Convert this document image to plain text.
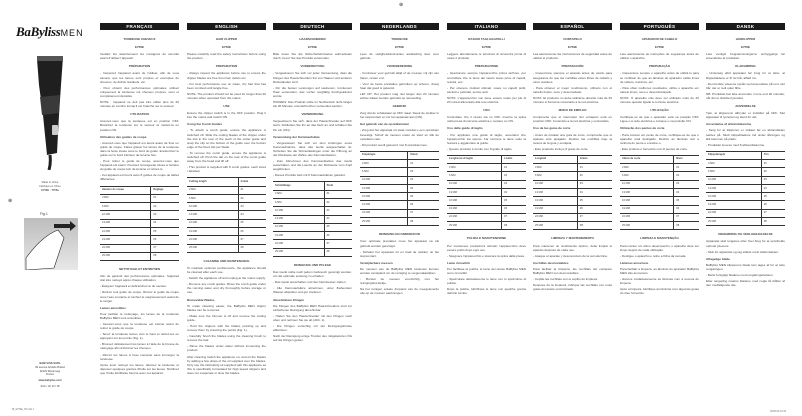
BaBylissMEN
Made in China
Fabriqué en Chine
E756E · T756a
⊕
Fig.1
BABYLISS SARL
99 avenue Aristide Briand
92120 Montrouge
France
www.babyliss.com
SAC / 20 10 / 18
IB_E756E_05.indd 1
06/05/18 10:39
⊕
FRANÇAIS
TONDEUSE CHEVEUX
E756E
Veuillez lire attentivement les consignes de sécurité avant d'utiliser l'appareil.
PRÉPARATION
- Inspectez l'appareil avant de l'utiliser, afin de vous assurer que les lames sont propres et exemptes de cheveux, de débris résiduels, etc.
- Pour obtenir des performances optimales, utilisez uniquement la tondeuse sur cheveux propres, secs et complètement démêlés.
NOTE : l'appareil ne doit pas être utilisé plus de 20 minutes en continu lorsqu'il est branché sur le secteur.
UTILISATION
Assurez-vous que la tondeuse est en position OFF. Branchez la tondeuse sur le secteur et mettez-la en position ON.
Utilisation des guides de coupe
- Assurez-vous que l'appareil est éteint avant de fixer un guide de coupe. Faites glisser les lames de la tondeuse dans la fente située sous le bord du guide. Enclenchez le guide sur le bord inférieur de la lame fixe.
- Pour retirer le guide de coupe, assurez-vous que l'appareil est éteint. Poussez la languette située à l'arrière du guide de coupe loin de la lame et retirez-le.
- Cet appareil est fourni avec 8 guides de coupe de tailles différentes.
Hauteur de coupe	Réglage
3 MM	#1
6 MM	#2
10 MM	#3
13 MM	#4
16 MM	#5
19 MM	#6
22 MM	#7
25 MM	#8
NETTOYAGE ET ENTRETIEN
Afin de garantir des performances optimales, l'appareil doit être nettoyé après chaque utilisation.
- Éteignez l'appareil et débranchez-le du secteur.
- Retirez tout guide de coupe. Rincez le guide de coupe sous l'eau courante et séchez-le soigneusement avant de le ranger.
Lames amovibles
Pour faciliter le nettoyage, les lames de la tondeuse BaByliss MEN sont amovibles.
- Assurez-vous que la tondeuse est éteinte avant de retirer le guide de coupe.
- Tenez la tondeuse lames vers le haut et retirez-les en appuyant sur les points (Fig. 1).
- Brossez délicatement les lames à l'aide de la brosse de nettoyage afin d'éliminer les cheveux.
- Rincez les lames à l'eau courante sans immerger la tondeuse.
Après avoir nettoyé les lames, allumez la tondeuse et déposez quelques gouttes d'huile sur les lames. N'utilisez que l'huile lubrifiante fournie avec cet appareil.
ENGLISH
HAIR CLIPPER
E756E
Please carefully read the safety instructions before using the product.
PREPARATION
- Always inspect the appliance before use to ensure the clipper blades are free from hair, debris etc.
- For best performance use on clean, dry hair that has been combed until tangle free.
NOTE: The product should not be used for longer than 20 minutes when operated from the mains.
USE
Ensure the clipper switch is in the OFF position. Plug it into the mains and switch ON.
Using the Comb Guides
- To attach a comb guide, ensure the appliance is switched off. Slide the cutting blades of the clipper under the slot in the rear of the teeth of the cutter guide and snap the clip on the bottom of the guide over the bottom edge of the fixed clip per blade.
- To remove the comb guide, ensure the appliance is switched off. Push the tab on the rear of the comb guide away from the head and lift off.
- This product is supplied with 8 comb guides, each sized / labelled.
Cutting length	Grade
3 MM	#1
6 MM	#2
10 MM	#3
13 MM	#4
16 MM	#5
19 MM	#6
22 MM	#7
25 MM	#8
CLEANING AND MAINTENANCE
To maintain optimum performance, the appliance should be cleaned after each use.
- Switch the appliance off and unplug at the mains supply.
- Remove any comb guides. Rinse the comb guide under the running water and dry thoroughly before storage or use.
Removable Blades
To make cleaning easier, the BaByliss MEN clipper blades can be removed.
- Make sure the trimmer is off and remove the cutting guide.
- Hold the clippers with the blades pointing up and remove them by pressing the points (Fig. 1).
- Carefully brush the blades using the cleaning brush to remove the hair.
- Rinse the blades under water without immersing the product.
After cleaning switch the appliance on, and oil the blades by adding a few drops of the oil supplied over the blades. Only use the lubricating oil supplied with this appliance as this is specifically formulated for high speed clippers and does not evaporate or slow the blades.
DEUTSCH
HAARSCHNEIDER
E756E
Bitte lesen Sie die Sicherheitshinweise aufmerksam durch, bevor Sie das Produkt verwenden.
VORBEREITUNG
- Vergewissern Sie sich vor jeder Verwendung, dass die Klingen des Haarschneiders frei von Haaren und anderen Rückständen sind.
- Für die besten Leistungen auf sauberem, trockenem Haar verwenden, das vorher sorgfältig durchgekämmt wurde.
HINWEIS: Das Produkt sollte im Netzbetrieb nicht länger als 20 Minuten ununterbrochen verwendet werden.
VERWENDUNG
Vergewissern Sie sich, dass der Haarschneider auf OFF steht. Schließen Sie ihn an das Netz an und schalten Sie ihn ein (ON).
Verwendung der Kammaufsätze
- Vergewissern Sie sich vor dem Anbringen eines Kammaufsatzes, dass das Gerät ausgeschaltet ist. Schieben Sie die Schneideklingen unter die Öffnung an der Rückseite der Zähne des Kammaufsatzes.
- Zum Abnehmen des Kammaufsatzes das Gerät ausschalten und die Lasche an der Rückseite vom Kopf wegdrücken.
- Dieses Produkt wird mit 8 Kammaufsätzen geliefert.
Schnittlänge	Stufe
3 MM	#1
6 MM	#2
10 MM	#3
13 MM	#4
16 MM	#5
19 MM	#6
22 MM	#7
25 MM	#8
REINIGUNG UND PFLEGE
Das Gerät sollte nach jedem Gebrauch gereinigt werden, um die optimale Leistung zu erhalten.
- Das Gerät ausschalten und den Netzstecker ziehen.
- Alle Kammaufsätze abnehmen, unter fließendem Wasser abspülen und gut trocknen.
Abnehmbare Klingen
Die Klingen des BaByliss MEN Haarschneiders sind zur einfacheren Reinigung abnehmbar.
- Halten Sie den Haarschneider mit den Klingen nach oben und nehmen Sie sie ab (Abb. 1).
- Die Klingen vorsichtig mit der Reinigungsbürste abbürsten.
Nach der Reinigung einige Tropfen des mitgelieferten Öls auf die Klingen geben.
NEDERLANDS
TONDEUSE
E756E
Lees de veiligheidsinstructies aandachtig door voor gebruik.
VOORBEREIDING
- Controleer voor gebruik altijd of de messen vrij zijn van haren, resten enz.
- Voor de beste prestaties gebruiken op schoon, droog haar dat goed is gekamd.
LET OP: Het product mag niet langer dan 20 minuten achter elkaar worden gebruikt op netvoeding.
GEBRUIK
Zorg dat de schakelaar op OFF staat. Steek de stekker in het stopcontact en zet het apparaat aan (ON).
Het gebruik van de opzetkammen
- Zorg dat het apparaat uit staat voordat u een opzetkam bevestigt. Schuif de messen onder de sleuf en klik de opzetkam vast.
- Dit product wordt geleverd met 8 opzetkammen.
Kniplengte	Stand
3 MM	#1
6 MM	#2
10 MM	#3
13 MM	#4
16 MM	#5
19 MM	#6
22 MM	#7
25 MM	#8
REINIGING EN ONDERHOUD
Voor optimale prestaties moet het apparaat na elk gebruik worden gereinigd.
- Schakel het apparaat uit en haal de stekker uit het stopcontact.
Verwijderbare messen
De messen van de BaByliss MEN tondeuse kunnen worden verwijderd om de reiniging te vergemakkelijken.
- Borstel de messen voorzichtig met het reinigingsborsteltje.
Na het reinigen enkele druppels van de meegeleverde olie op de messen aanbrengen.
ITALIANO
RASOIO TAGLIACAPELLI
E756E
Leggere attentamente le istruzioni di sicurezza prima di usare il prodotto.
PREPARAZIONE
- Ispezionare sempre l'apparecchio prima dell'uso, per controllare che le lame del rasoio siano prive di capelli, residui, ecc.
- Per ottenere risultati ottimali, usare su capelli puliti, asciutti e pettinati, senza nodi.
NOTA: L'apparecchio non deve essere usato per più di 20 minuti alimentato alla rete elettrica.
USO
Controllare che il rasoio sia su OFF. Inserire la spina nella presa di corrente elettrica e mettere su ON.
Uso delle guide di taglio
- Per applicare una guida di taglio, accertarsi che l'apparecchio sia spento. Far scorrere le lame sotto la fessura e agganciare la guida.
- Questo prodotto è fornito con 8 guide di taglio.
Lunghezza di taglio	Livello
3 MM	#1
6 MM	#2
10 MM	#3
13 MM	#4
16 MM	#5
19 MM	#6
22 MM	#7
25 MM	#8
PULIZIA E MANUTENZIONE
Per mantenere prestazioni ottimali, l'apparecchio deve essere pulito dopo ogni uso.
- Spegnere l'apparecchio e staccare la spina dalla presa.
Lame rimovibili
Per facilitare la pulizia, le lame del rasoio BaByliss MEN sono rimovibili.
- Spazzolare delicatamente le lame con lo spazzolino di pulizia.
Dopo la pulizia, lubrificare le lame con qualche goccia dell'olio fornito.
ESPAÑOL
CORTAPELO
E756E
Lea atentamente las instrucciones de seguridad antes de utilizar el producto.
PREPARACIÓN
- Inspeccione siempre el aparato antes de usarlo para asegurarse de que las cuchillas estén libres de cabello y otros residuos.
- Para obtener el mejor rendimiento, utilícelo con el cabello limpio, seco y desenredado.
NOTA: El producto no debe utilizarse durante más de 20 minutos si funciona conectado a la red eléctrica.
MODO DE EMPLEO
Compruebe que el interruptor del cortapelo está en posición OFF. Conéctelo a la red eléctrica y enciéndalo.
Uso de las guías de corte
- Antes de instalar una guía de corte, compruebe que el aparato esté apagado. Deslice las cuchillas bajo la ranura de la guía y encájela.
- Este producto incluye 8 guías de corte.
Longitud	Grado
3 MM	#1
6 MM	#2
10 MM	#3
13 MM	#4
16 MM	#5
19 MM	#6
22 MM	#7
25 MM	#8
LIMPIEZA Y MANTENIMIENTO
Para mantener un rendimiento óptimo, debe limpiar el aparato después de cada uso.
- Apague el aparato y desconéctelo de la red eléctrica.
Cuchillas desmontables
Para facilitar la limpieza, las cuchillas del cortapelo BaByliss MEN son desmontables.
- Cepille las cuchillas con el cepillo de limpieza.
Después de la limpieza, lubrique las cuchillas con unas gotas del aceite suministrado.
PORTUGUÊS
APARADOR DE CABELO
E756E
Leia atentamente as instruções de segurança antes de utilizar o aparelho.
PREPARAÇÃO
- Inspeccione sempre o aparelho antes de utilizá-lo para se certificar de que as lâminas do aparador estão livres de cabelo, resíduos, etc.
- Para obter melhores resultados, utilize o aparelho em cabelo limpo, seco e desembaraçado.
NOTA: O aparelho não deve ser utilizado mais de 20 minutos quando ligado à corrente eléctrica.
UTILIZAÇÃO
Certifique-se de que o aparador está na posição OFF. Ligue-o à rede eléctrica e coloque-o na posição ON.
Utilização dos pentes de corte
- Para colocar um pente de corte, certifique-se de que o aparelho está desligado. Deslize as lâminas sob a ranhura do pente e encaixe-o.
- Este produto é fornecido com 8 pentes de corte.
Altura de corte	Nível
3 MM	#1
6 MM	#2
10 MM	#3
13 MM	#4
16 MM	#5
19 MM	#6
22 MM	#7
25 MM	#8
LIMPEZA E MANUTENÇÃO
Para manter um ótimo desempenho, o aparelho deve ser limpo depois de cada utilização.
- Desligue o aparelho e retire a ficha da tomada.
Lâminas amovíveis
Para facilitar a limpeza, as lâminas do aparador BaByliss MEN são amovíveis.
- Escove cuidadosamente as lâminas com a escova de limpeza.
Após a limpeza, lubrifique as lâminas com algumas gotas do óleo fornecido.
DANSK
HÅRKLIPPER
E756E
Læs venligst brugsanvisningerne omhyggeligt før anvendelse af produktet.
KLARGØRING
- Undersøg altid apparatet før brug for at sikre, at klippebladene er fri for hår, affald mv.
- Den bedste ydeevne opnås ved anvendelse på rent, tørt hår, der er redt uden filtre.
NB: Produktet bør ikke anvendes i mere end 20 minutter, når det er tilsluttet lysnettet.
ANVENDELSE
Tjek, at klipperens afbryder er indstillet på OFF. Slut apparatet til lysnettet og tænd for det.
Anvendelse af afstandskamme
- Sørg for at klipperen er slukket før en afstandskam sættes på. Skub klippebladene ind under åbningen og klik kammen på plads.
- Produktet leveres med 8 afstandskamme.
Klippelængde	Trin
3 MM	#1
6 MM	#2
10 MM	#3
13 MM	#4
16 MM	#5
19 MM	#6
22 MM	#7
25 MM	#8
RENGØRING OG VEDLIGEHOLDELSE
Apparatet skal rengøres efter hver brug for at opretholde optimal ydeevne.
- Sluk for apparatet og tag stikket ud af stikkontakten.
Aftagelige blade
BaByliss MEN klipperens blade kan tages af for at lette rengøringen.
- Børst forsigtigt bladene med rengøringsbørsten.
Efter rengøring smøres bladene med nogle få dråber af den medfølgende olie.
